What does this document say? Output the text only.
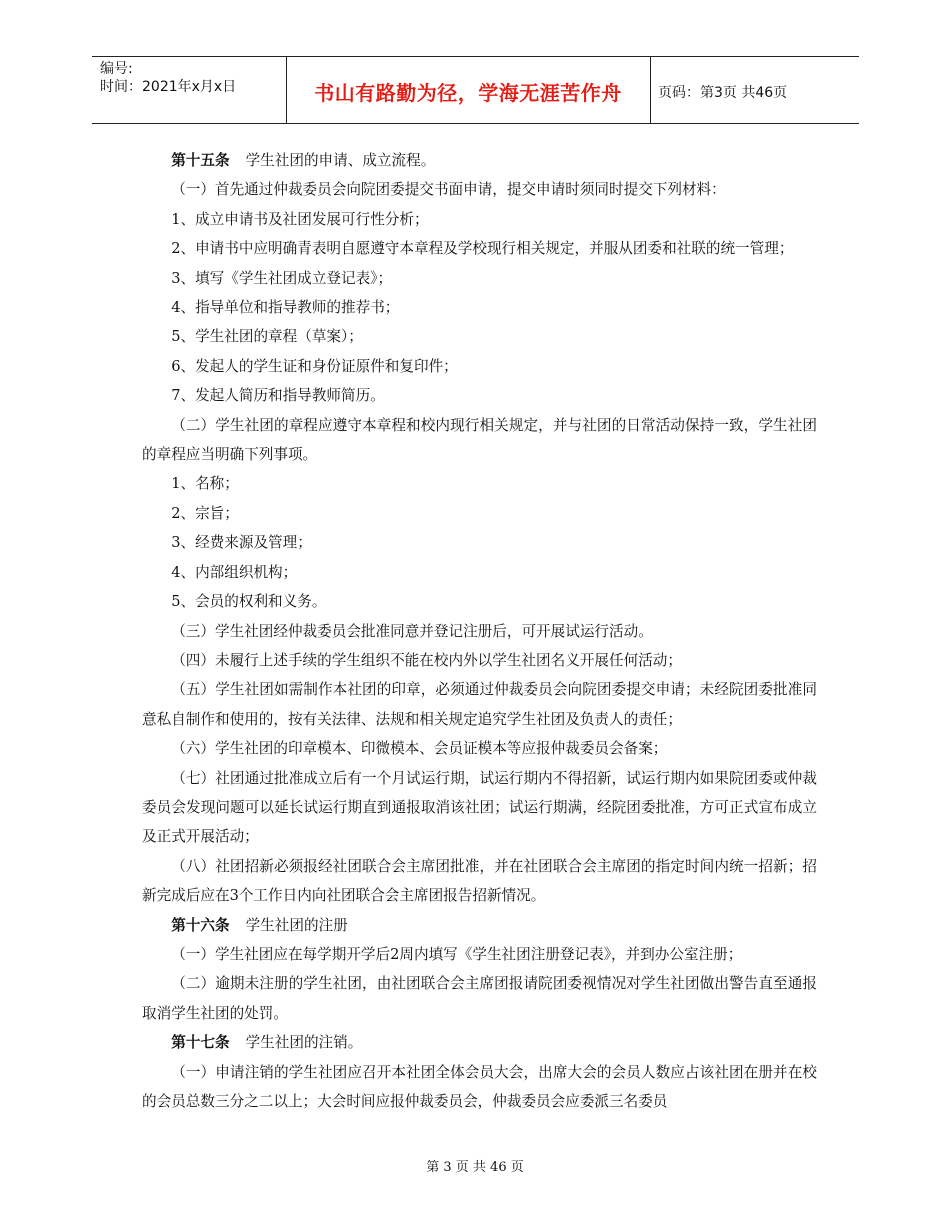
编号:
时间：2021年x月x日	书山有路勤为径，学海无涯苦作舟	页码：第3页 共46页

第十五条 学生社团的申请、成立流程。

（一）首先通过仲裁委员会向院团委提交书面申请，提交申请时须同时提交下列材料：

1、成立申请书及社团发展可行性分析；

2、申请书中应明确青表明自愿遵守本章程及学校现行相关规定，并服从团委和社联的统一管理；

3、填写《学生社团成立登记表》；

4、指导单位和指导教师的推荐书；

5、学生社团的章程（草案）；

6、发起人的学生证和身份证原件和复印件；

7、发起人简历和指导教师简历。

（二）学生社团的章程应遵守本章程和校内现行相关规定，并与社团的日常活动保持一致，学生社团的章程应当明确下列事项。

1、名称；

2、宗旨；

3、经费来源及管理；

4、内部组织机构；

5、会员的权利和义务。

（三）学生社团经仲裁委员会批准同意并登记注册后，可开展试运行活动。

（四）未履行上述手续的学生组织不能在校内外以学生社团名义开展任何活动；

（五）学生社团如需制作本社团的印章，必须通过仲裁委员会向院团委提交申请；未经院团委批准同意私自制作和使用的，按有关法律、法规和相关规定追究学生社团及负责人的责任；

（六）学生社团的印章模本、印微模本、会员证模本等应报仲裁委员会备案；

（七）社团通过批准成立后有一个月试运行期，试运行期内不得招新，试运行期内如果院团委或仲裁委员会发现问题可以延长试运行期直到通报取消该社团；试运行期满，经院团委批准，方可正式宣布成立及正式开展活动；

（八）社团招新必须报经社团联合会主席团批准，并在社团联合会主席团的指定时间内统一招新；招新完成后应在3个工作日内向社团联合会主席团报告招新情况。

第十六条 学生社团的注册

（一）学生社团应在每学期开学后2周内填写《学生社团注册登记表》，并到办公室注册；

（二）逾期未注册的学生社团，由社团联合会主席团报请院团委视情况对学生社团做出警告直至通报取消学生社团的处罚。

第十七条 学生社团的注销。

（一）申请注销的学生社团应召开本社团全体会员大会，出席大会的会员人数应占该社团在册并在校的会员总数三分之二以上；大会时间应报仲裁委员会，仲裁委员会应委派三名委员

第 3 页 共 46 页
